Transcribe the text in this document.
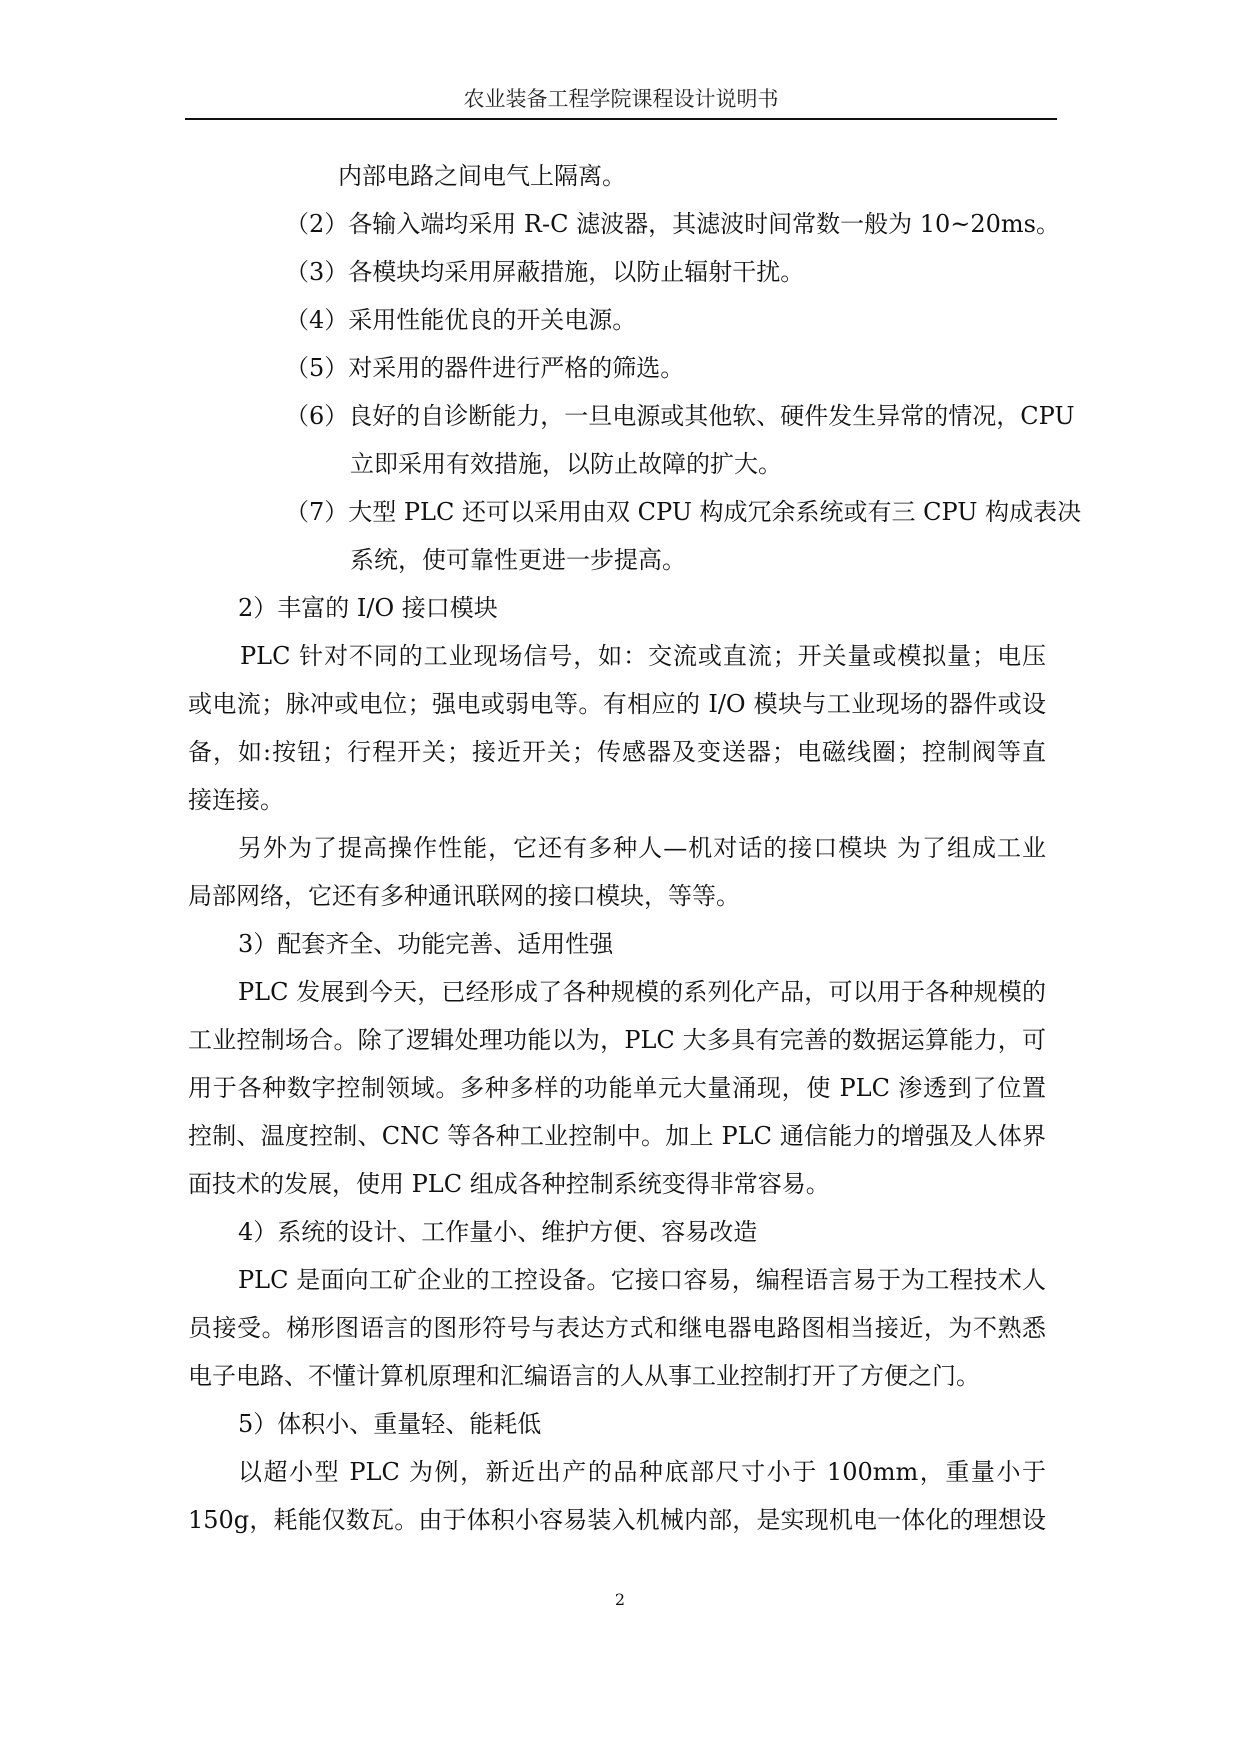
农业装备工程学院课程设计说明书
内部电路之间电气上隔离。
（2）各输入端均采用 R-C 滤波器，其滤波时间常数一般为 10~20ms。
（3）各模块均采用屏蔽措施，以防止辐射干扰。
（4）采用性能优良的开关电源。
（5）对采用的器件进行严格的筛选。
（6）良好的自诊断能力，一旦电源或其他软、硬件发生异常的情况，CPU
立即采用有效措施，以防止故障的扩大。
（7）大型 PLC 还可以采用由双 CPU 构成冗余系统或有三 CPU 构成表决
系统，使可靠性更进一步提高。
2）丰富的 I/O 接口模块
PLC 针对不同的工业现场信号，如：交流或直流；开关量或模拟量；电压
或电流；脉冲或电位；强电或弱电等。有相应的 I/O 模块与工业现场的器件或设
备，如:按钮；行程开关；接近开关；传感器及变送器；电磁线圈；控制阀等直
接连接。
另外为了提高操作性能，它还有多种人—机对话的接口模块 为了组成工业
局部网络，它还有多种通讯联网的接口模块，等等。
3）配套齐全、功能完善、适用性强
PLC 发展到今天，已经形成了各种规模的系列化产品，可以用于各种规模的
工业控制场合。除了逻辑处理功能以为，PLC 大多具有完善的数据运算能力，可
用于各种数字控制领域。多种多样的功能单元大量涌现，使 PLC 渗透到了位置
控制、温度控制、CNC 等各种工业控制中。加上 PLC 通信能力的增强及人体界
面技术的发展，使用 PLC 组成各种控制系统变得非常容易。
4）系统的设计、工作量小、维护方便、容易改造
PLC 是面向工矿企业的工控设备。它接口容易，编程语言易于为工程技术人
员接受。梯形图语言的图形符号与表达方式和继电器电路图相当接近，为不熟悉
电子电路、不懂计算机原理和汇编语言的人从事工业控制打开了方便之门。
5）体积小、重量轻、能耗低
以超小型 PLC 为例，新近出产的品种底部尺寸小于 100mm，重量小于
150g，耗能仅数瓦。由于体积小容易装入机械内部，是实现机电一体化的理想设
2
